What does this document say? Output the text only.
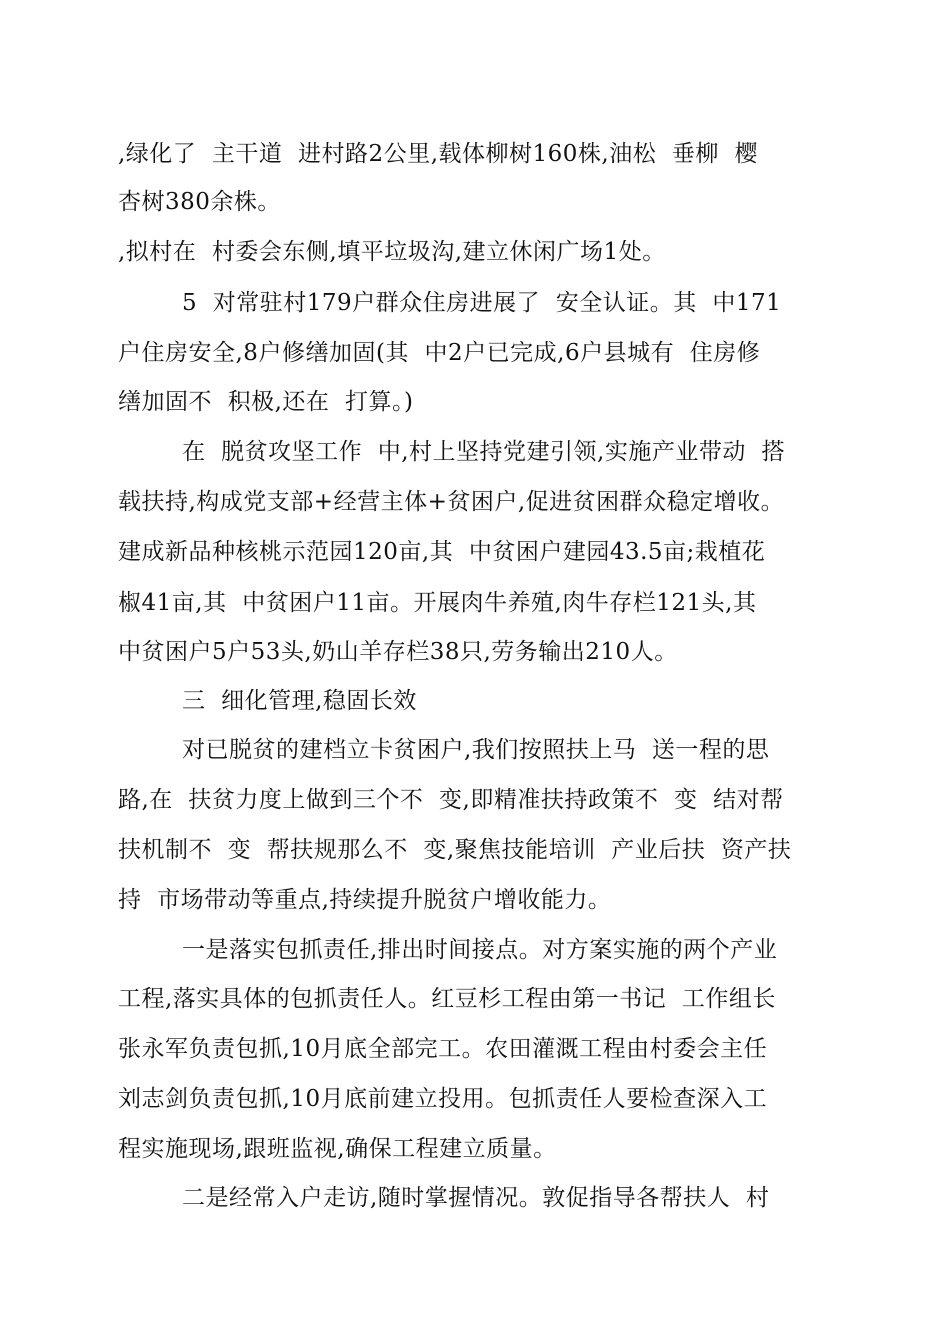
,绿化了  主干道  进村路2公里,载体柳树160株,油松  垂柳  樱
杏树380余株。
,拟村在  村委会东侧,填平垃圾沟,建立休闲广场1处。
5  对常驻村179户群众住房进展了  安全认证。其  中171
户住房安全,8户修缮加固(其  中2户已完成,6户县城有  住房修
缮加固不  积极,还在  打算。)
在  脱贫攻坚工作  中,村上坚持党建引领,实施产业带动  搭
载扶持,构成党支部+经营主体+贫困户,促进贫困群众稳定增收。
建成新品种核桃示范园120亩,其  中贫困户建园43.5亩;栽植花
椒41亩,其  中贫困户11亩。开展肉牛养殖,肉牛存栏121头,其
中贫困户5户53头,奶山羊存栏38只,劳务输出210人。
三  细化管理,稳固长效
对已脱贫的建档立卡贫困户,我们按照扶上马  送一程的思
路,在  扶贫力度上做到三个不  变,即精准扶持政策不  变  结对帮
扶机制不  变  帮扶规那么不  变,聚焦技能培训  产业后扶  资产扶
持  市场带动等重点,持续提升脱贫户增收能力。
一是落实包抓责任,排出时间接点。对方案实施的两个产业
工程,落实具体的包抓责任人。红豆杉工程由第一书记  工作组长
张永军负责包抓,10月底全部完工。农田灌溉工程由村委会主任
刘志剑负责包抓,10月底前建立投用。包抓责任人要检查深入工
程实施现场,跟班监视,确保工程建立质量。
二是经常入户走访,随时掌握情况。敦促指导各帮扶人  村
